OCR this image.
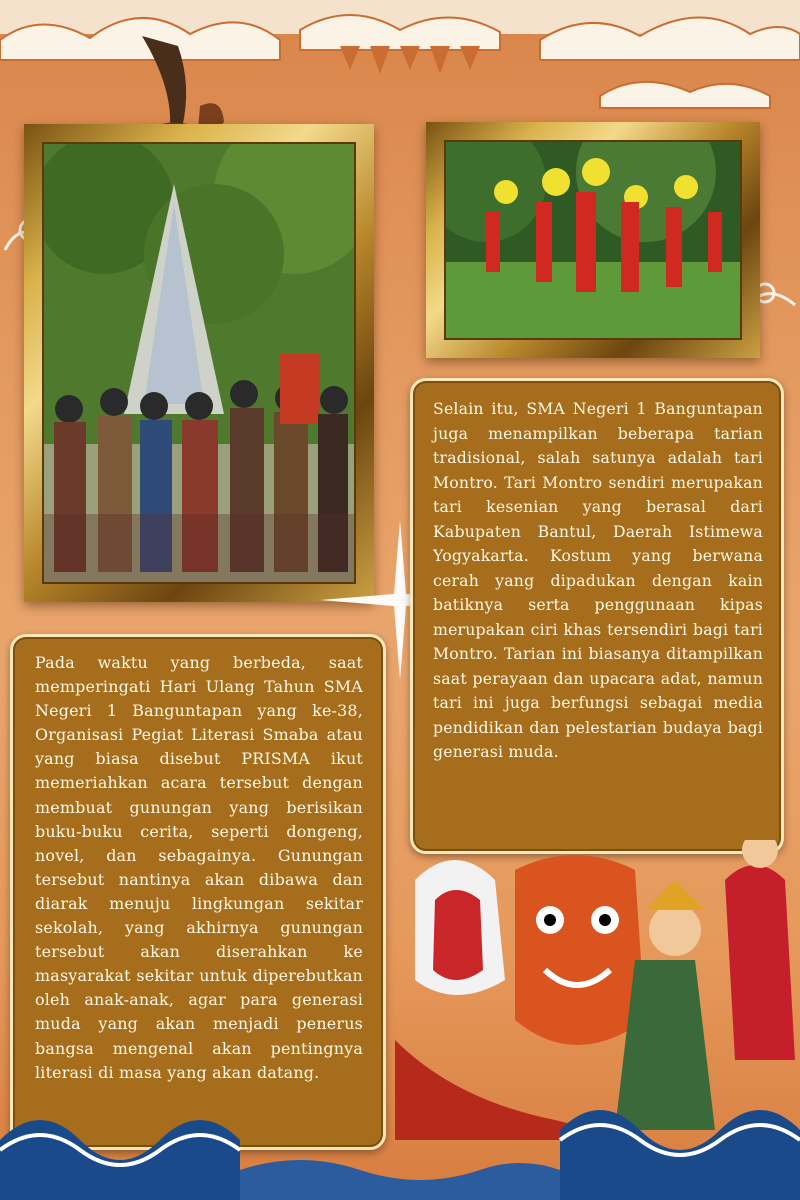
Selain itu, SMA Negeri 1 Banguntapan juga menampilkan beberapa tarian tradisional, salah satunya adalah tari Montro. Tari Montro sendiri merupakan tari kesenian yang berasal dari Kabupaten Bantul, Daerah Istimewa Yogyakarta. Kostum yang berwana cerah yang dipadukan dengan kain batiknya serta penggunaan kipas merupakan ciri khas tersendiri bagi tari Montro. Tarian ini biasanya ditampilkan saat perayaan dan upacara adat, namun tari ini juga berfungsi sebagai media pendidikan dan pelestarian budaya bagi generasi muda.

Pada waktu yang berbeda, saat memperingati Hari Ulang Tahun SMA Negeri 1 Banguntapan yang ke-38, Organisasi Pegiat Literasi Smaba atau yang biasa disebut PRISMA ikut memeriahkan acara tersebut dengan membuat gunungan yang berisikan buku-buku cerita, seperti dongeng, novel, dan sebagainya. Gunungan tersebut nantinya akan dibawa dan diarak menuju lingkungan sekitar sekolah, yang akhirnya gunungan tersebut akan diserahkan ke masyarakat sekitar untuk diperebutkan oleh anak-anak, agar para generasi muda yang akan menjadi penerus bangsa mengenal akan pentingnya literasi di masa yang akan datang.
